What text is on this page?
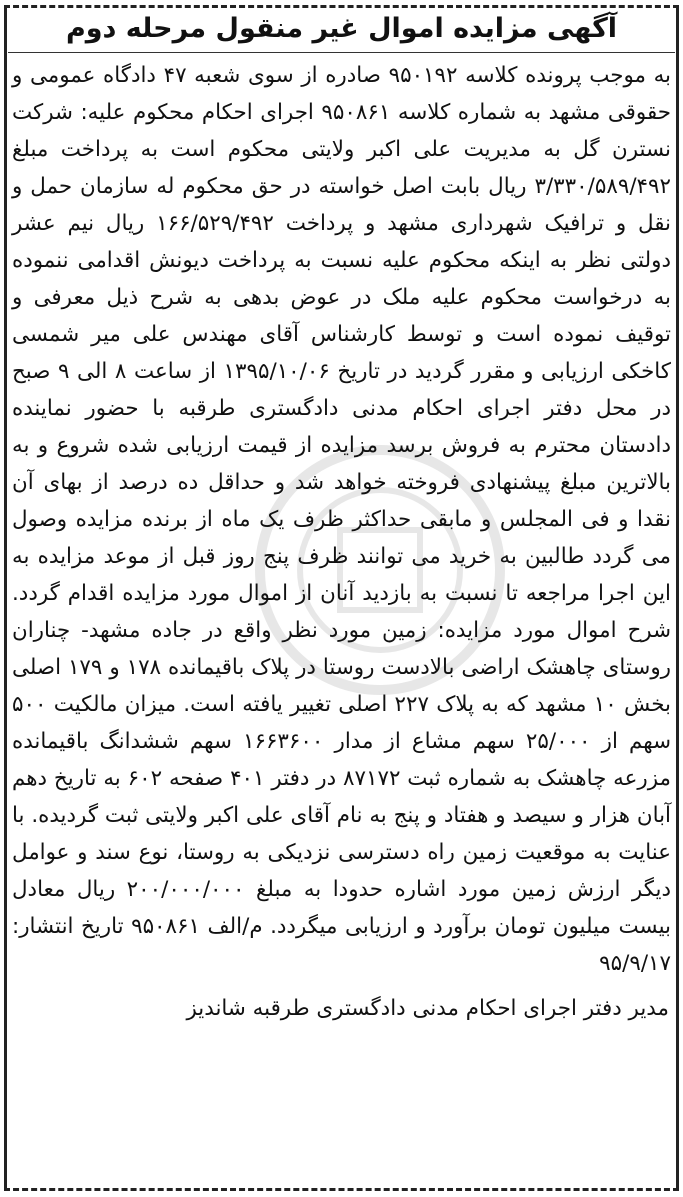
آگهی مزایده اموال غیر منقول مرحله دوم
به موجب پرونده کلاسه ۹۵۰۱۹۲ صادره از سوی شعبه ۴۷ دادگاه عمومی و حقوقی مشهد به شماره کلاسه ۹۵۰۸۶۱ اجرای احکام محکوم علیه: شرکت نسترن گل به مدیریت علی اکبر ولایتی محکوم است به پرداخت مبلغ ۳/۳۳۰/۵۸۹/۴۹۲ ریال بابت اصل خواسته در حق محکوم له سازمان حمل و نقل و ترافیک شهرداری مشهد و پرداخت ۱۶۶/۵۲۹/۴۹۲ ریال نیم عشر دولتی نظر به اینکه محکوم علیه نسبت به پرداخت دیونش اقدامی ننموده به درخواست محکوم علیه ملک در عوض بدهی به شرح ذیل معرفی و توقیف نموده است و توسط کارشناس آقای مهندس علی میر شمسی کاخکی ارزیابی و مقرر گردید در تاریخ ۱۳۹۵/۱۰/۰۶ از ساعت ۸ الی ۹ صبح در محل دفتر اجرای احکام مدنی دادگستری طرقبه با حضور نماینده دادستان محترم به فروش برسد مزایده از قیمت ارزیابی شده شروع و به بالاترین مبلغ پیشنهادی فروخته خواهد شد و حداقل ده درصد از بهای آن نقدا و فی المجلس و مابقی حداکثر ظرف یک ماه از برنده مزایده وصول می گردد طالبین به خرید می توانند ظرف پنج روز قبل از موعد مزایده به این اجرا مراجعه تا نسبت به بازدید آنان از اموال مورد مزایده اقدام گردد. شرح اموال مورد مزایده: زمین مورد نظر واقع در جاده مشهد- چناران روستای چاهشک اراضی بالادست روستا در پلاک باقیمانده ۱۷۸ و ۱۷۹ اصلی بخش ۱۰ مشهد که به پلاک ۲۲۷ اصلی تغییر یافته است. میزان مالکیت ۵۰۰ سهم از ۲۵/۰۰۰ سهم مشاع از مدار ۱۶۶۳۶۰۰ سهم ششدانگ باقیمانده مزرعه چاهشک به شماره ثبت ۸۷۱۷۲ در دفتر ۴۰۱ صفحه ۶۰۲ به تاریخ دهم آبان هزار و سیصد و هفتاد و پنج به نام آقای علی اکبر ولایتی ثبت گردیده. با عنایت به موقعیت زمین راه دسترسی نزدیکی به روستا، نوع سند و عوامل دیگر ارزش زمین مورد اشاره حدودا به مبلغ ۲۰۰/۰۰۰/۰۰۰ ریال معادل بیست میلیون تومان برآورد و ارزیابی میگردد. م/الف ۹۵۰۸۶۱ تاریخ انتشار: ۹۵/۹/۱۷
مدیر دفتر اجرای احکام مدنی دادگستری طرقبه شاندیز
